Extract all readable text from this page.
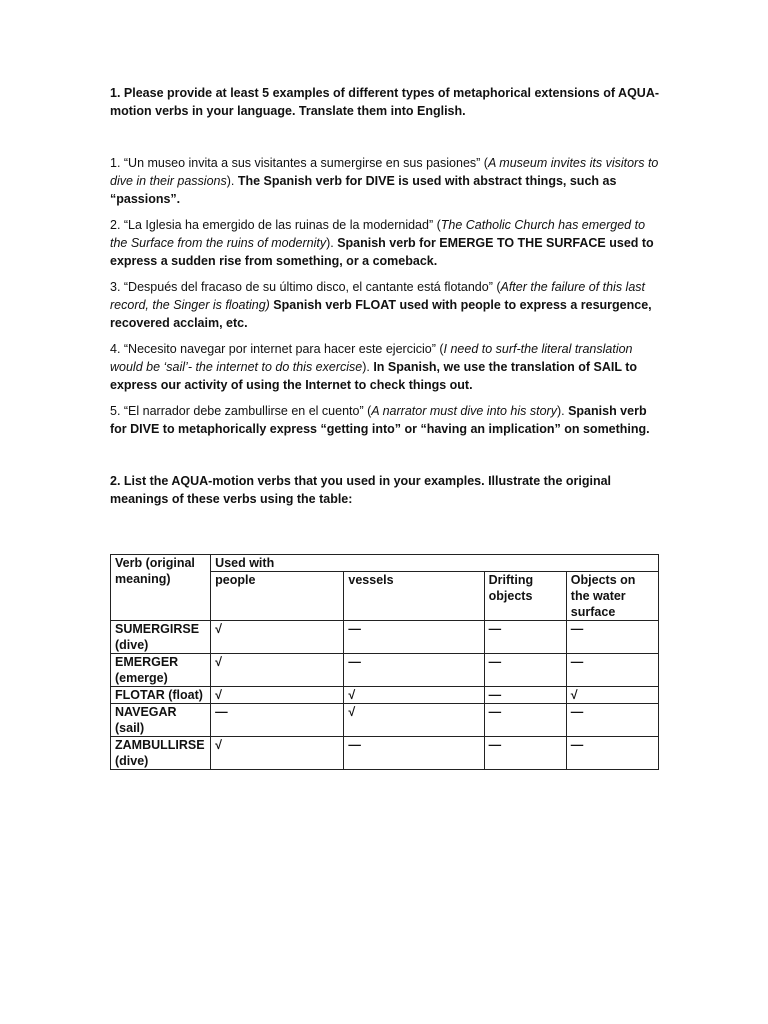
1. Please provide at least 5 examples of different types of metaphorical extensions of AQUA-motion verbs in your language. Translate them into English.

1. “Un museo invita a sus visitantes a sumergirse en sus pasiones” (A museum invites its visitors to dive in their passions). The Spanish verb for DIVE is used with abstract things, such as “passions”.

2. “La Iglesia ha emergido de las ruinas de la modernidad” (The Catholic Church has emerged to the Surface from the ruins of modernity). Spanish verb for EMERGE TO THE SURFACE used to express a sudden rise from something, or a comeback.

3. “Después del fracaso de su último disco, el cantante está flotando” (After the failure of this last record, the Singer is floating) Spanish verb FLOAT used with people to express a resurgence, recovered acclaim, etc.

4. “Necesito navegar por internet para hacer este ejercicio” (I need to surf-the literal translation would be ‘sail’- the internet to do this exercise). In Spanish, we use the translation of SAIL to express our activity of using the Internet to check things out.

5. “El narrador debe zambullirse en el cuento” (A narrator must dive into his story). Spanish verb for DIVE to metaphorically express “getting into” or “having an implication” on something.

2. List the AQUA-motion verbs that you used in your examples. Illustrate the original meanings of these verbs using the table:

Verb (original meaning)	Used with			
	people	vessels	Drifting objects	Objects on the water surface
SUMERGIRSE (dive)	√	—	—	—
EMERGER (emerge)	√	—	—	—
FLOTAR (float)	√	√	—	√
NAVEGAR (sail)	—	√	—	—
ZAMBULLIRSE (dive)	√	—	—	—
